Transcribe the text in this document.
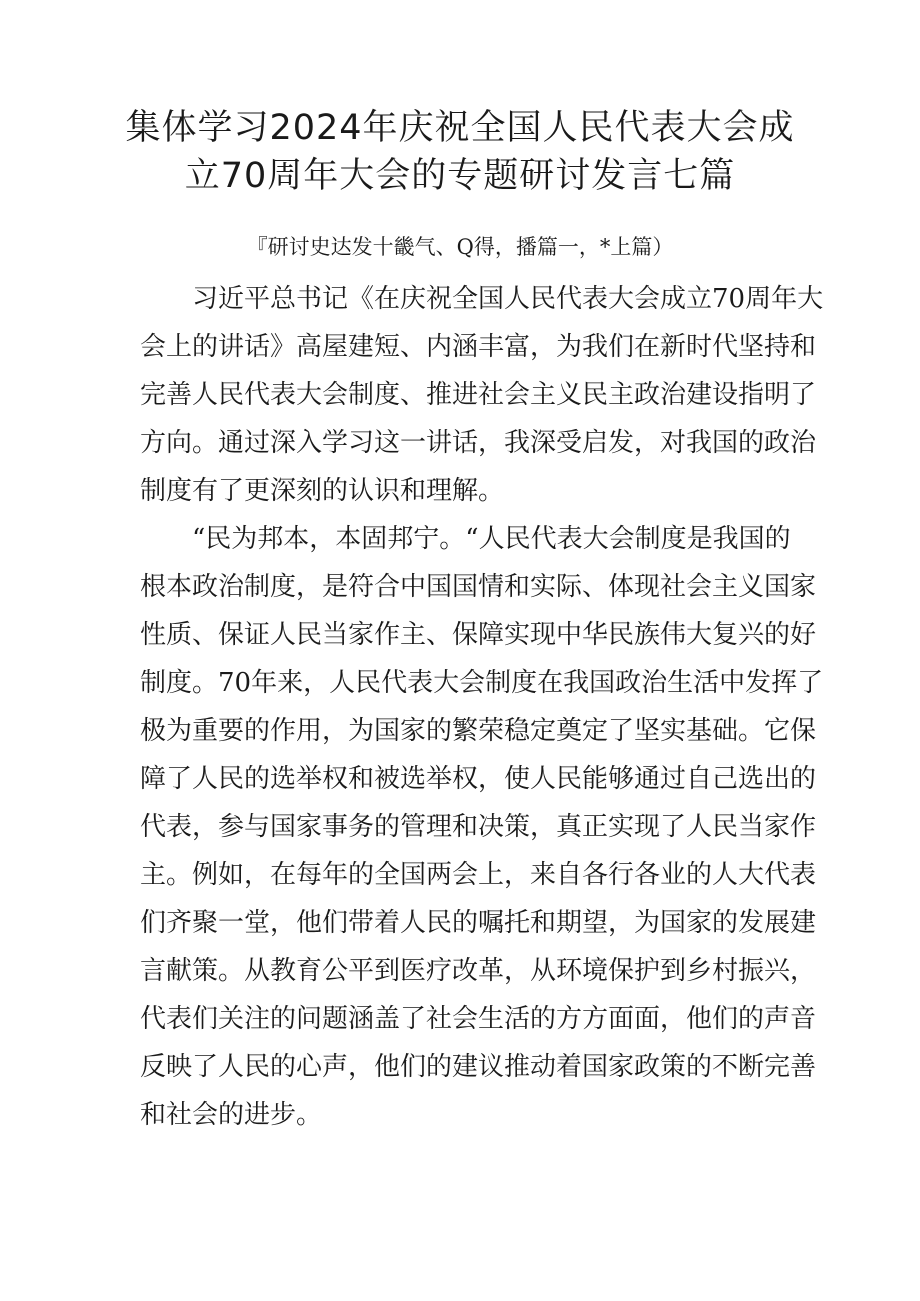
集体学习2024年庆祝全国人民代表大会成
立70周年大会的专题研讨发言七篇
『研讨史达发十畿气、Q得，播篇一，*上篇）
习近平总书记《在庆祝全国人民代表大会成立70周年大
会上的讲话》高屋建短、内涵丰富，为我们在新时代坚持和
完善人民代表大会制度、推进社会主义民主政治建设指明了
方向。通过深入学习这一讲话，我深受启发，对我国的政治
制度有了更深刻的认识和理解。
“民为邦本，本固邦宁。“人民代表大会制度是我国的
根本政治制度，是符合中国国情和实际、体现社会主义国家
性质、保证人民当家作主、保障实现中华民族伟大复兴的好
制度。70年来，人民代表大会制度在我国政治生活中发挥了
极为重要的作用，为国家的繁荣稳定奠定了坚实基础。它保
障了人民的选举权和被选举权，使人民能够通过自己选出的
代表，参与国家事务的管理和决策，真正实现了人民当家作
主。例如，在每年的全国两会上，来自各行各业的人大代表
们齐聚一堂，他们带着人民的嘱托和期望，为国家的发展建
言献策。从教育公平到医疗改革，从环境保护到乡村振兴，
代表们关注的问题涵盖了社会生活的方方面面，他们的声音
反映了人民的心声，他们的建议推动着国家政策的不断完善
和社会的进步。
